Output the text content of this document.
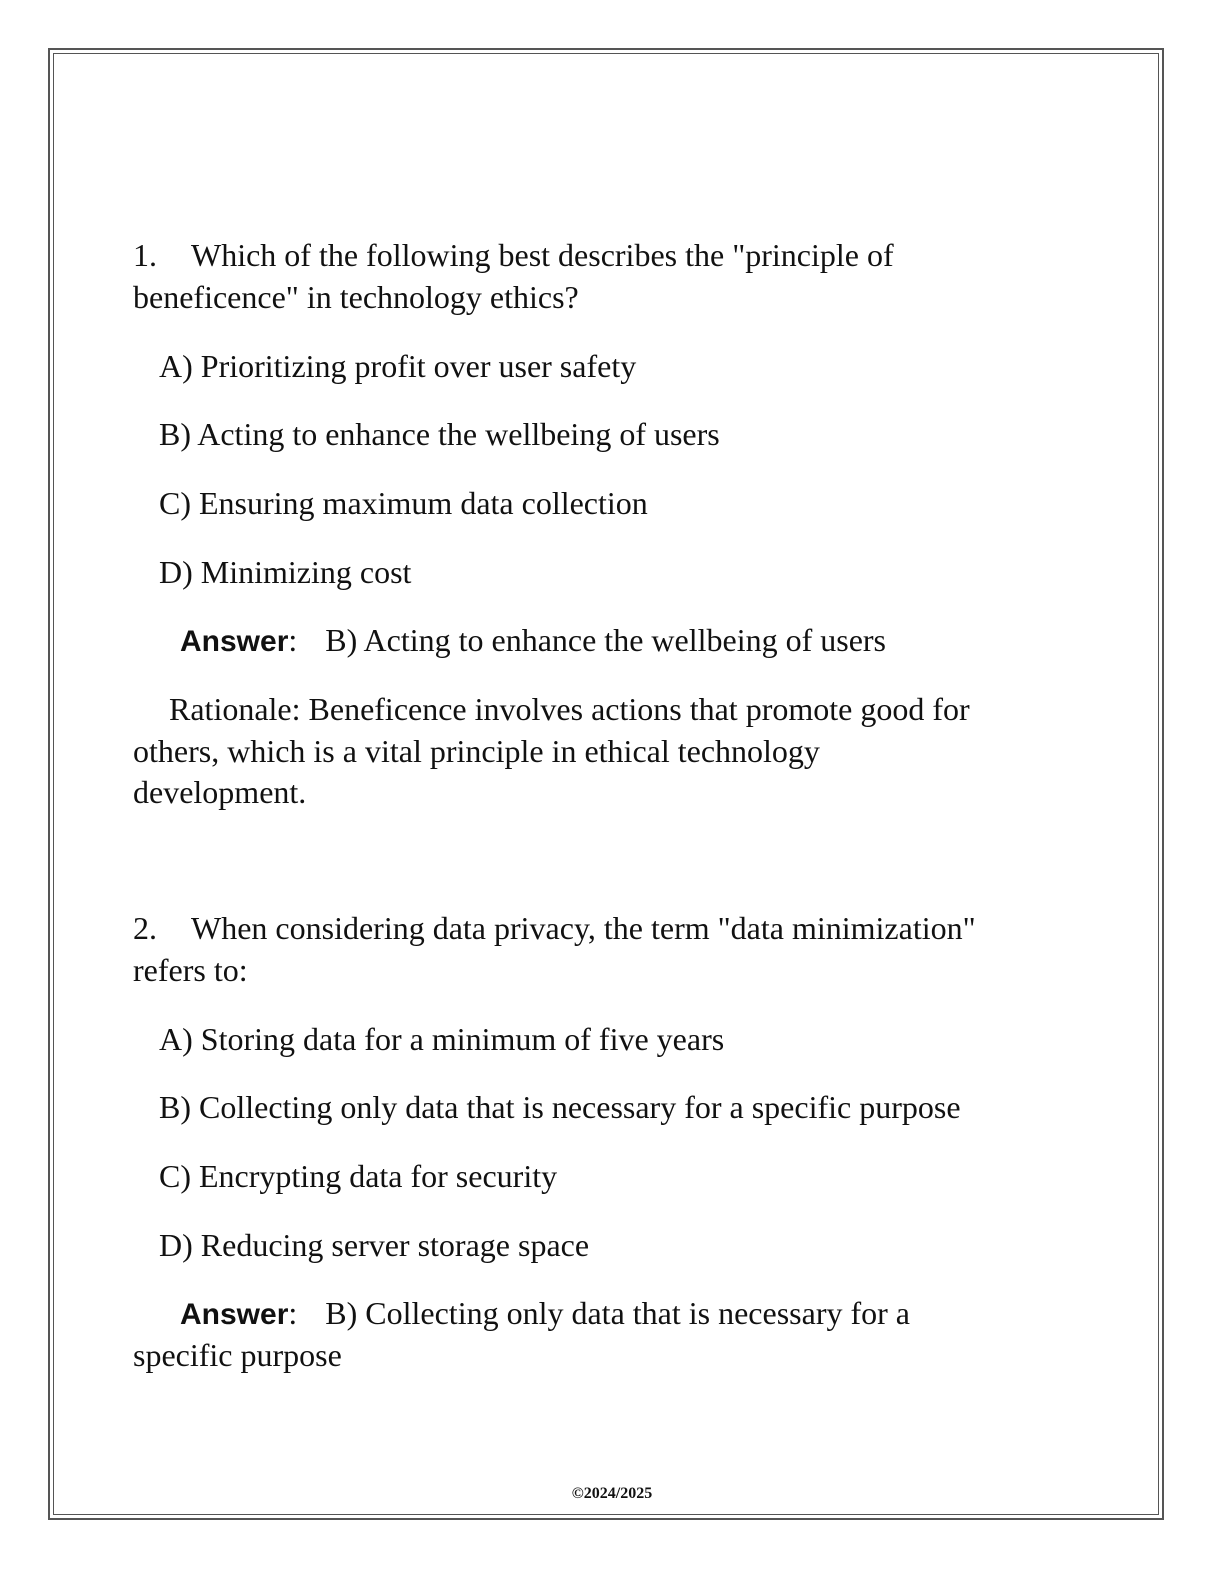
1. Which of the following best describes the "principle of
beneficence" in technology ethics?
A) Prioritizing profit over user safety
B) Acting to enhance the wellbeing of users
C) Ensuring maximum data collection
D) Minimizing cost
Answer: B) Acting to enhance the wellbeing of users
Rationale: Beneficence involves actions that promote good for
others, which is a vital principle in ethical technology
development.
2. When considering data privacy, the term "data minimization"
refers to:
A) Storing data for a minimum of five years
B) Collecting only data that is necessary for a specific purpose
C) Encrypting data for security
D) Reducing server storage space
Answer: B) Collecting only data that is necessary for a
specific purpose
©2024/2025
